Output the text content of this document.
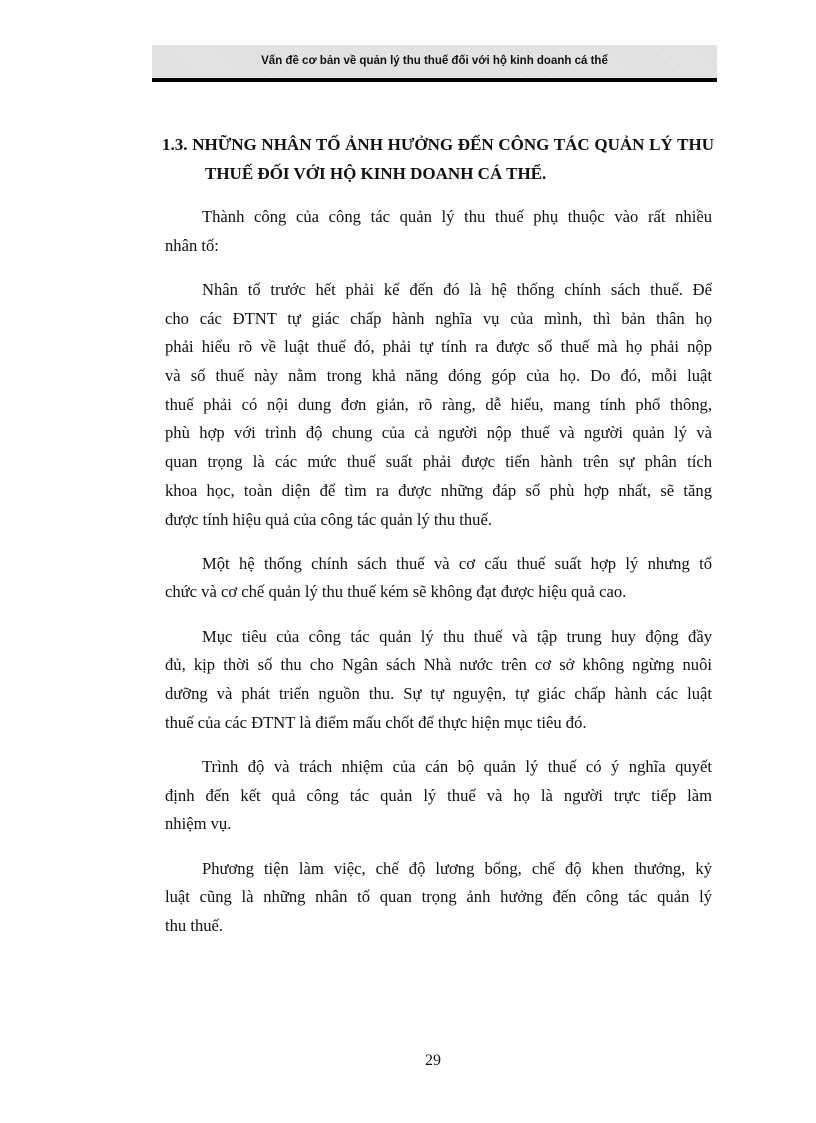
Vấn đề cơ bản về quản lý thu thuế đối với hộ kinh doanh cá thể
1.3. NHỮNG NHÂN TỐ ẢNH HƯỞNG ĐẾN CÔNG TÁC QUẢN LÝ THU
THUẾ ĐỐI VỚI HỘ KINH DOANH CÁ THỂ.
Thành công của công tác quản lý thu thuế phụ thuộc vào rất nhiều
nhân tố:
Nhân tố trước hết phải kể đến đó là hệ thống chính sách thuế. Để
cho các ĐTNT tự giác chấp hành nghĩa vụ của mình, thì bản thân họ
phải hiểu rõ về luật thuế đó, phải tự tính ra được số thuế mà họ phải nộp
và số thuế này nằm trong khả năng đóng góp của họ. Do đó, mỗi luật
thuế phải có nội dung đơn giản, rõ ràng, dễ hiểu, mang tính phổ thông,
phù hợp với trình độ chung của cả người nộp thuế và người quản lý và
quan trọng là các mức thuế suất phải được tiến hành trên sự phân tích
khoa học, toàn diện để tìm ra được những đáp số phù hợp nhất, sẽ tăng
được tính hiệu quả của công tác quản lý thu thuế.
Một hệ thống chính sách thuế và cơ cấu thuế suất hợp lý nhưng tổ
chức và cơ chế quản lý thu thuế kém sẽ không đạt được hiệu quả cao.
Mục tiêu của công tác quản lý thu thuế và tập trung huy động đầy
đủ, kịp thời số thu cho Ngân sách Nhà nước trên cơ sở không ngừng nuôi
dưỡng và phát triển nguồn thu. Sự tự nguyện, tự giác chấp hành các luật
thuế của các ĐTNT là điểm mấu chốt để thực hiện mục tiêu đó.
Trình độ và trách nhiệm của cán bộ quản lý thuế có ý nghĩa quyết
định đến kết quả công tác quản lý thuế và họ là người trực tiếp làm
nhiệm vụ.
Phương tiện làm việc, chế độ lương bổng, chế độ khen thưởng, kỷ
luật cũng là những nhân tố quan trọng ảnh hưởng đến công tác quản lý
thu thuế.
29
